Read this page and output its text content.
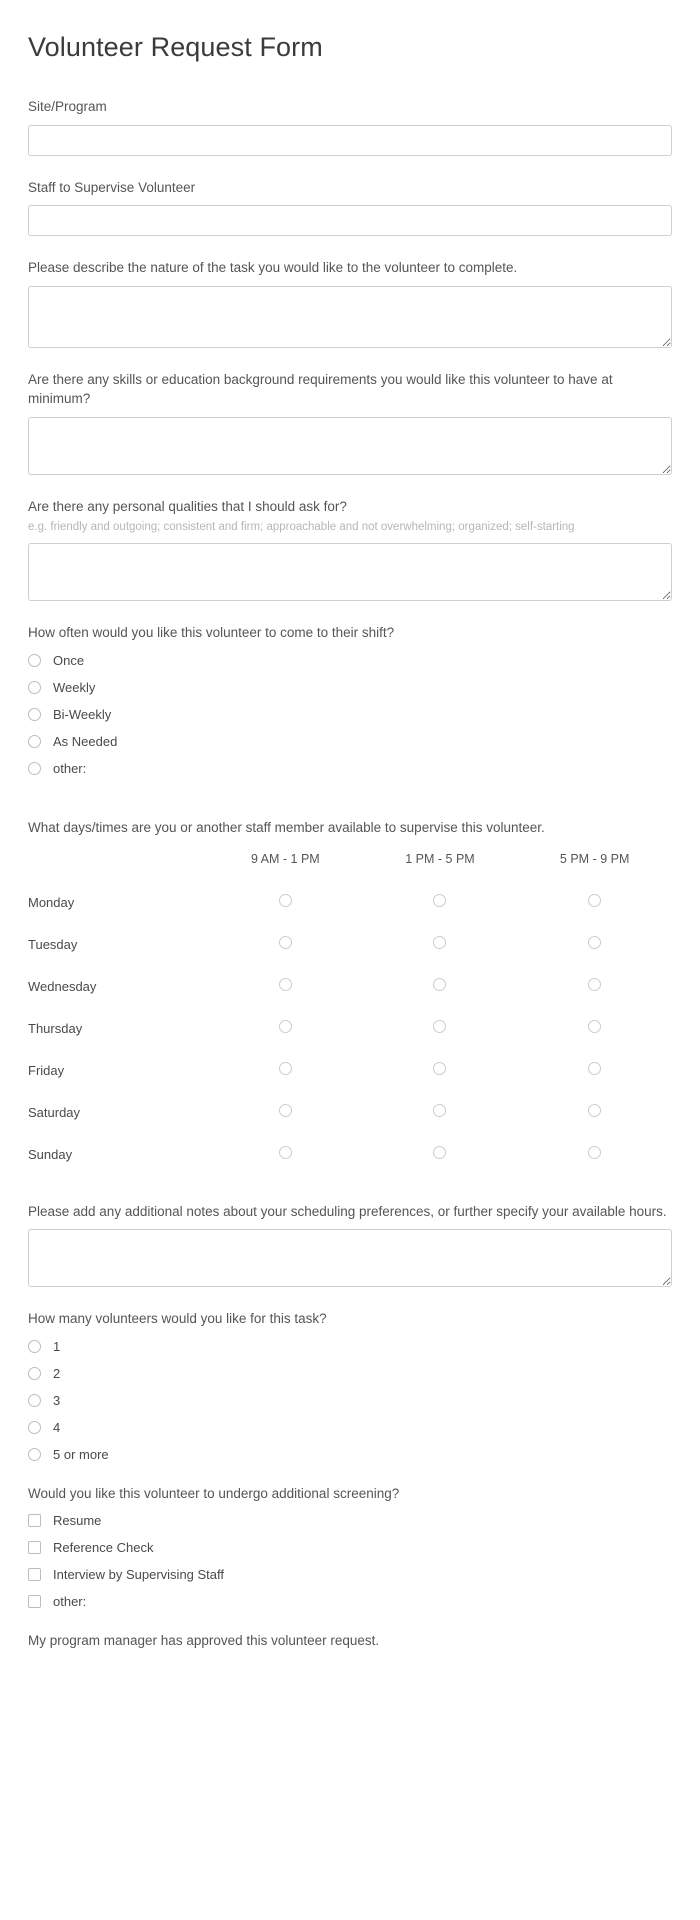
Volunteer Request Form
Site/Program
Staff to Supervise Volunteer
Please describe the nature of the task you would like to the volunteer to complete.
Are there any skills or education background requirements you would like this volunteer to have at minimum?
Are there any personal qualities that I should ask for?
e.g. friendly and outgoing; consistent and firm; approachable and not overwhelming; organized; self-starting
How often would you like this volunteer to come to their shift?
Once
Weekly
Bi-Weekly
As Needed
other:
What days/times are you or another staff member available to supervise this volunteer.
	9 AM - 1 PM	1 PM - 5 PM	5 PM - 9 PM
Monday			
Tuesday			
Wednesday			
Thursday			
Friday			
Saturday			
Sunday			
Please add any additional notes about your scheduling preferences, or further specify your available hours.
How many volunteers would you like for this task?
1
2
3
4
5 or more
Would you like this volunteer to undergo additional screening?
Resume
Reference Check
Interview by Supervising Staff
other:
My program manager has approved this volunteer request.
